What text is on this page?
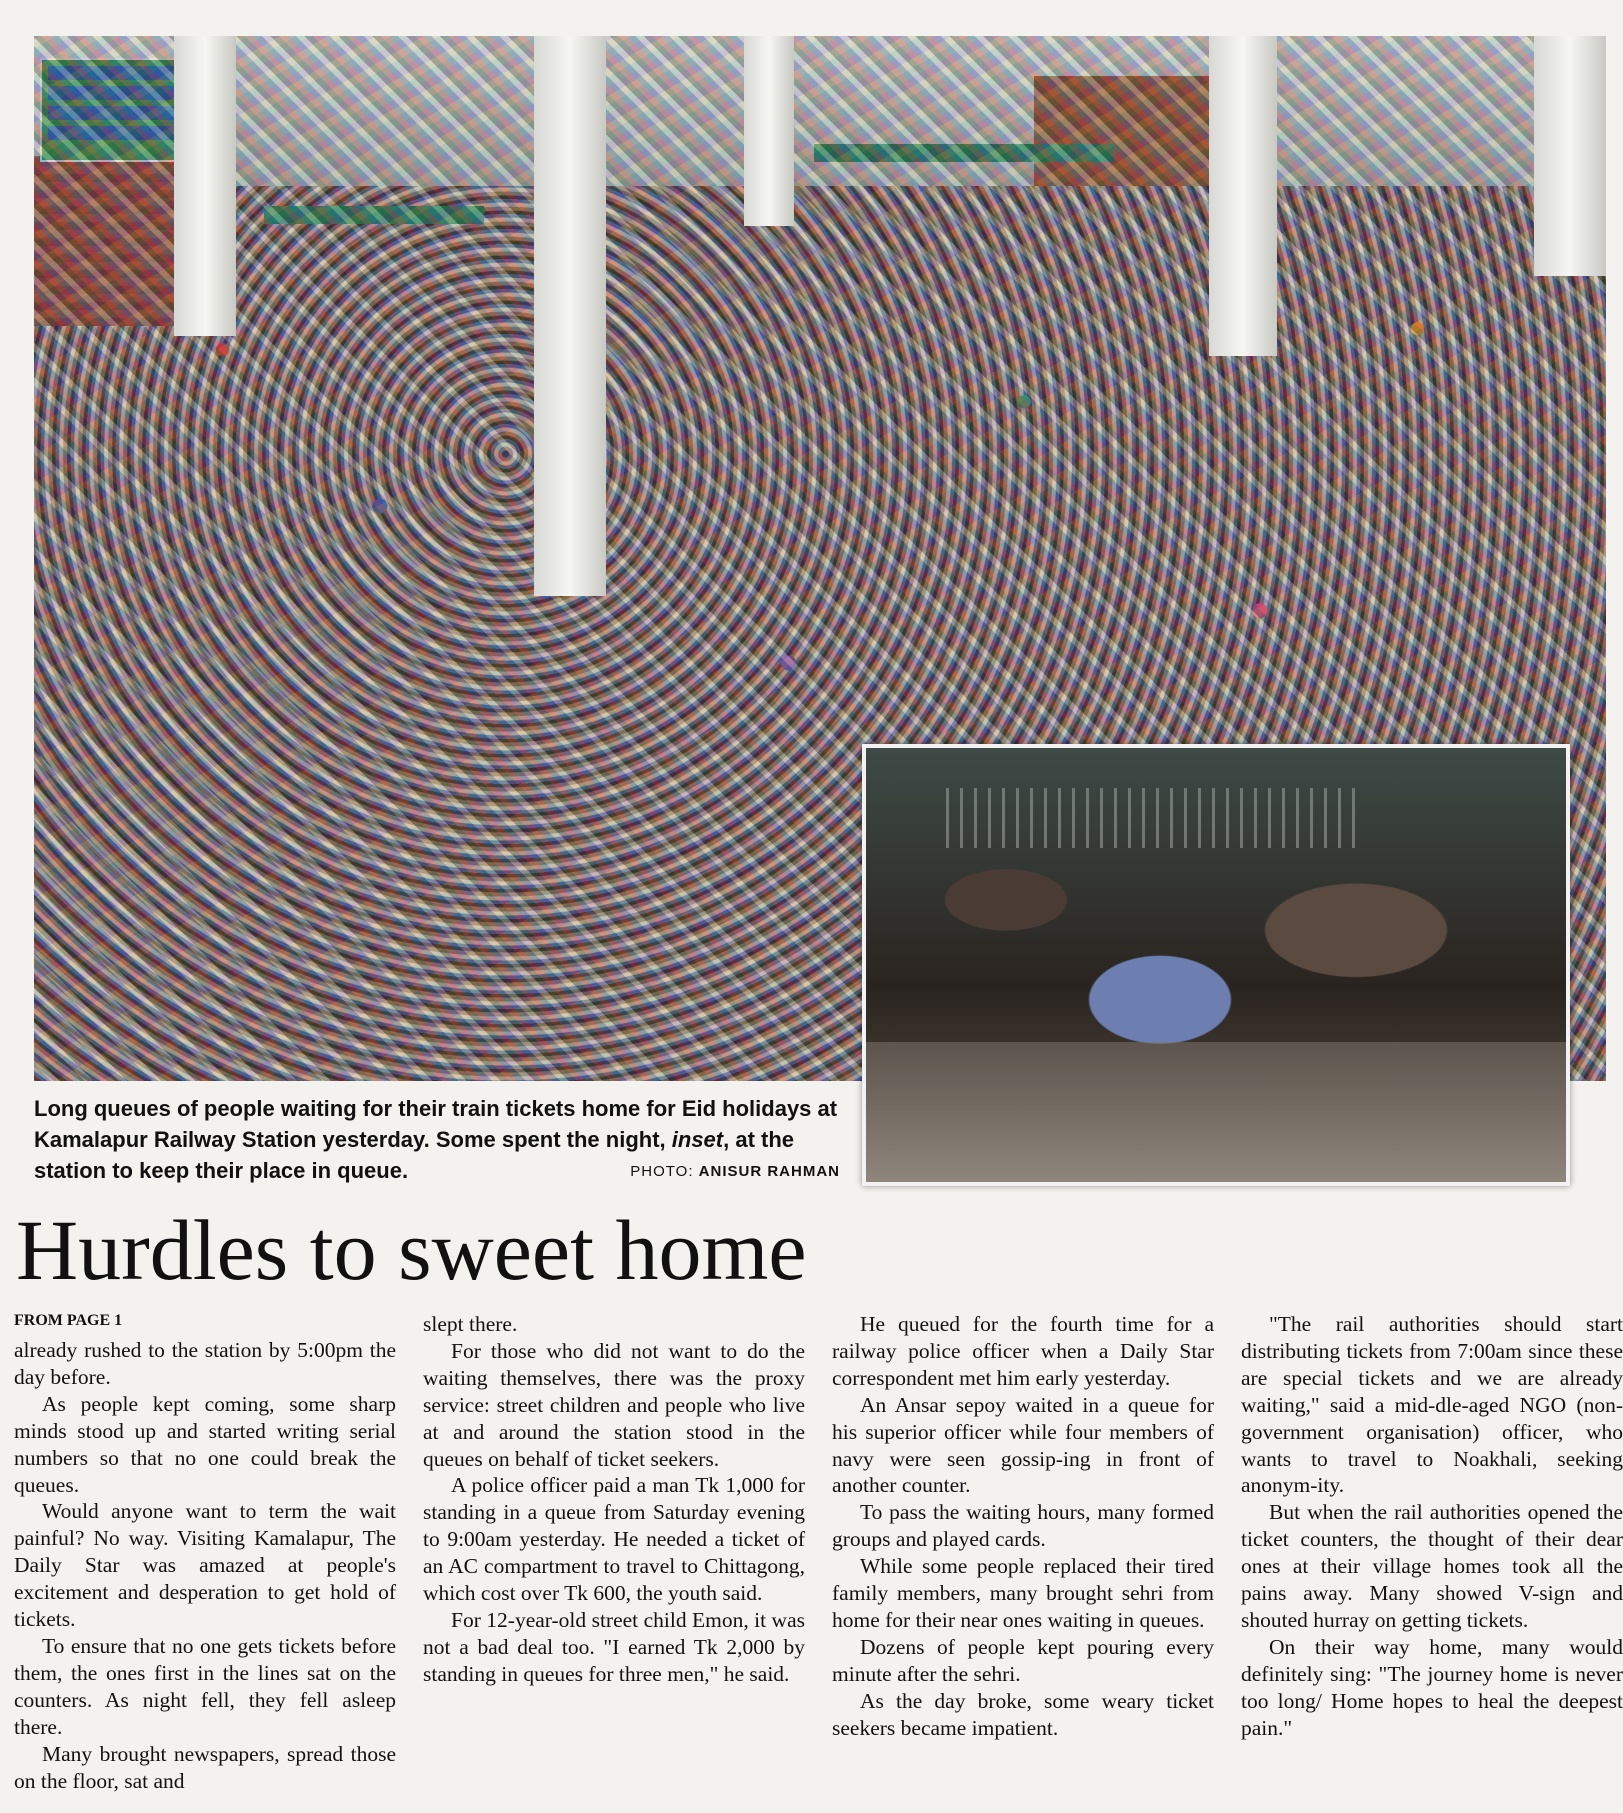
Long queues of people waiting for their train tickets home for Eid holidays at
Kamalapur Railway Station yesterday. Some spent the night, inset, at the
station to keep their place in queue.	PHOTO: ANISUR RAHMAN
Hurdles to sweet home
FROM PAGE 1

already rushed to the station by 5:00pm the day before.

As people kept coming, some sharp minds stood up and started writing serial numbers so that no one could break the queues.

Would anyone want to term the wait painful? No way. Visiting Kamalapur, The Daily Star was amazed at people's excitement and desperation to get hold of tickets.

To ensure that no one gets tickets before them, the ones first in the lines sat on the counters. As night fell, they fell asleep there.

Many brought newspapers, spread those on the floor, sat and

slept there.

For those who did not want to do the waiting themselves, there was the proxy service: street children and people who live at and around the station stood in the queues on behalf of ticket seekers.

A police officer paid a man Tk 1,000 for standing in a queue from Saturday evening to 9:00am yesterday. He needed a ticket of an AC compartment to travel to Chittagong, which cost over Tk 600, the youth said.

For 12-year-old street child Emon, it was not a bad deal too. "I earned Tk 2,000 by standing in queues for three men," he said.

He queued for the fourth time for a railway police officer when a Daily Star correspondent met him early yesterday.

An Ansar sepoy waited in a queue for his superior officer while four members of navy were seen gossip-ing in front of another counter.

To pass the waiting hours, many formed groups and played cards.

While some people replaced their tired family members, many brought sehri from home for their near ones waiting in queues.

Dozens of people kept pouring every minute after the sehri.

As the day broke, some weary ticket seekers became impatient.

"The rail authorities should start distributing tickets from 7:00am since these are special tickets and we are already waiting," said a mid-dle-aged NGO (non-government organisation) officer, who wants to travel to Noakhali, seeking anonym-ity.

But when the rail authorities opened the ticket counters, the thought of their dear ones at their village homes took all the pains away. Many showed V-sign and shouted hurray on getting tickets.

On their way home, many would definitely sing: "The journey home is never too long/ Home hopes to heal the deepest pain."
